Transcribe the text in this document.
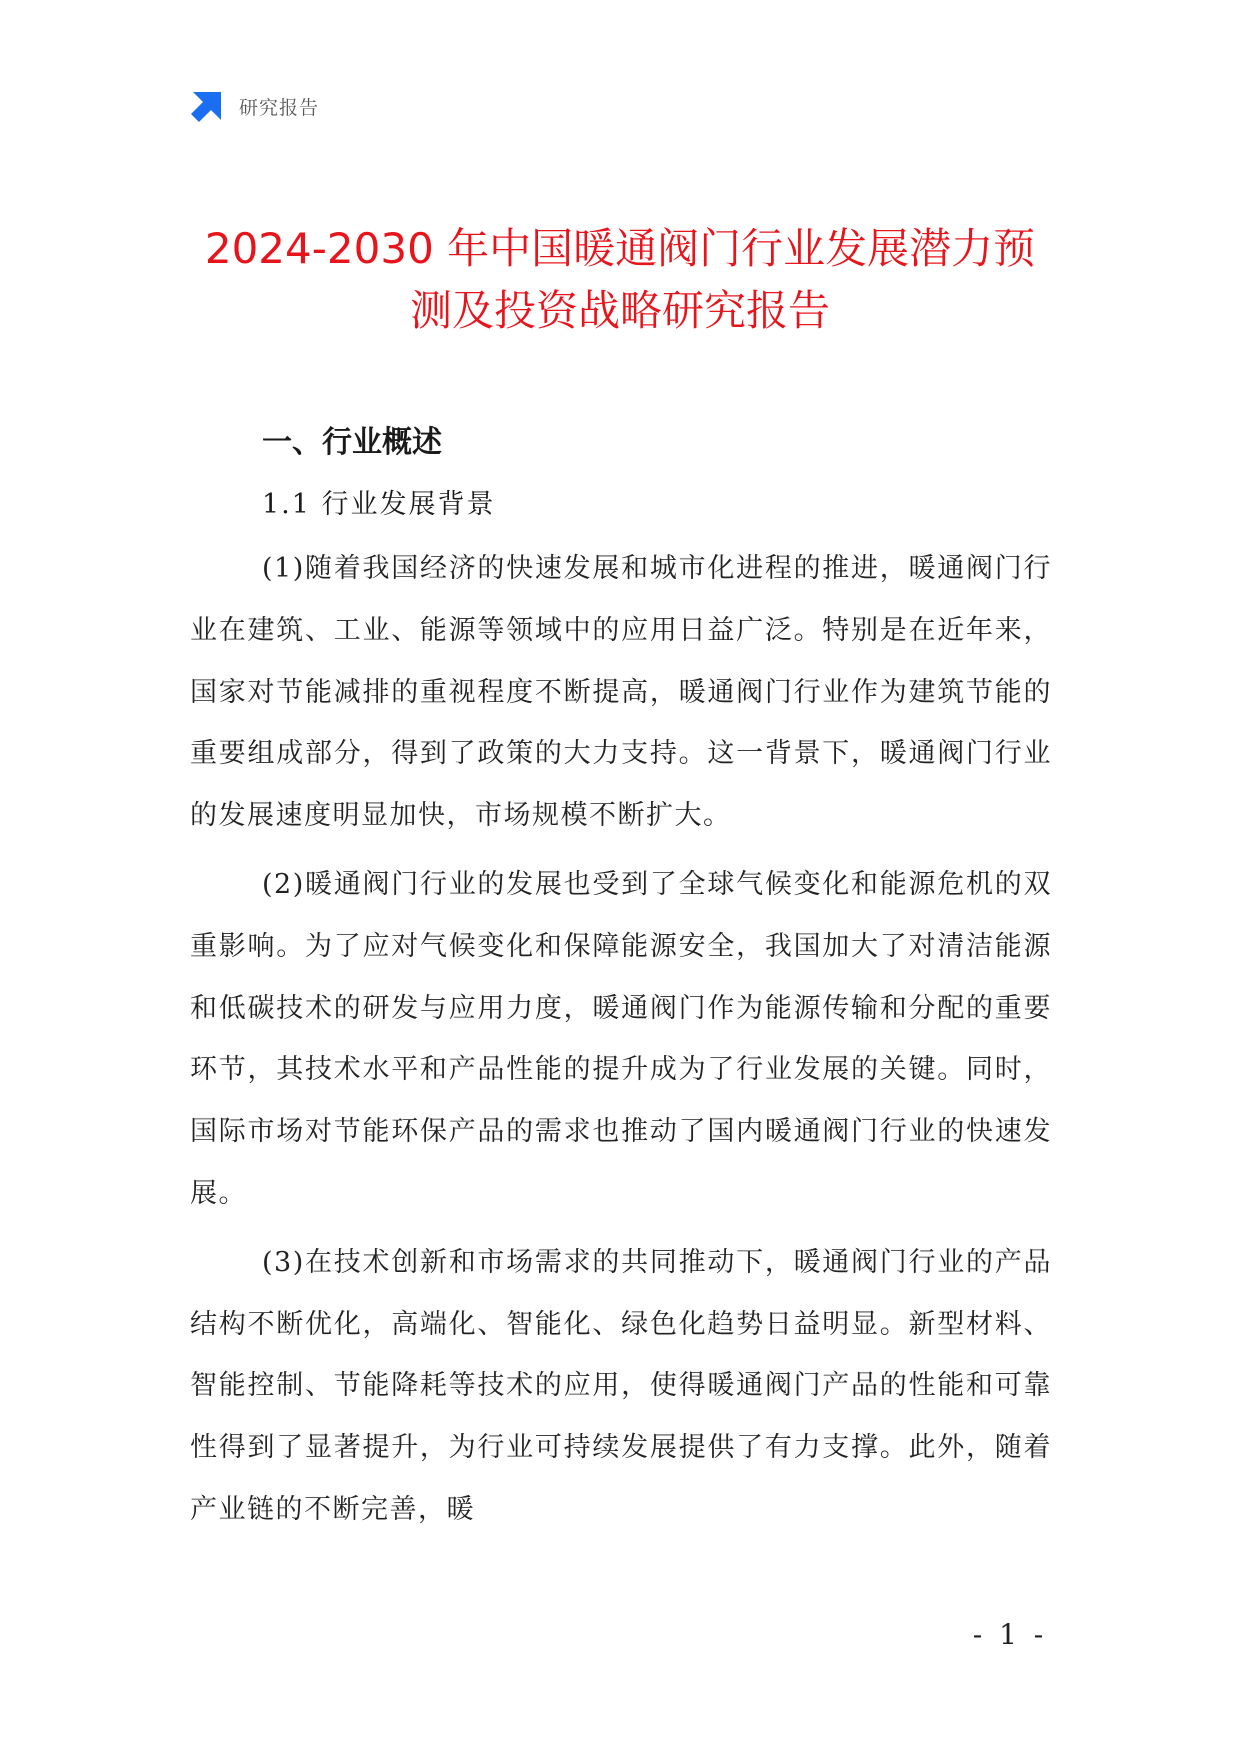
研究报告
2024-2030 年中国暖通阀门行业发展潜力预
测及投资战略研究报告
一、行业概述
1.1 行业发展背景

(1)随着我国经济的快速发展和城市化进程的推进，暖通阀门行业在建筑、工业、能源等领域中的应用日益广泛。特别是在近年来，国家对节能减排的重视程度不断提高，暖通阀门行业作为建筑节能的重要组成部分，得到了政策的大力支持。这一背景下，暖通阀门行业的发展速度明显加快，市场规模不断扩大。

(2)暖通阀门行业的发展也受到了全球气候变化和能源危机的双重影响。为了应对气候变化和保障能源安全，我国加大了对清洁能源和低碳技术的研发与应用力度，暖通阀门作为能源传输和分配的重要环节，其技术水平和产品性能的提升成为了行业发展的关键。同时，国际市场对节能环保产品的需求也推动了国内暖通阀门行业的快速发展。

(3)在技术创新和市场需求的共同推动下，暖通阀门行业的产品结构不断优化，高端化、智能化、绿色化趋势日益明显。新型材料、智能控制、节能降耗等技术的应用，使得暖通阀门产品的性能和可靠性得到了显著提升，为行业可持续发展提供了有力支撑。此外，随着产业链的不断完善，暖

- 1 -
